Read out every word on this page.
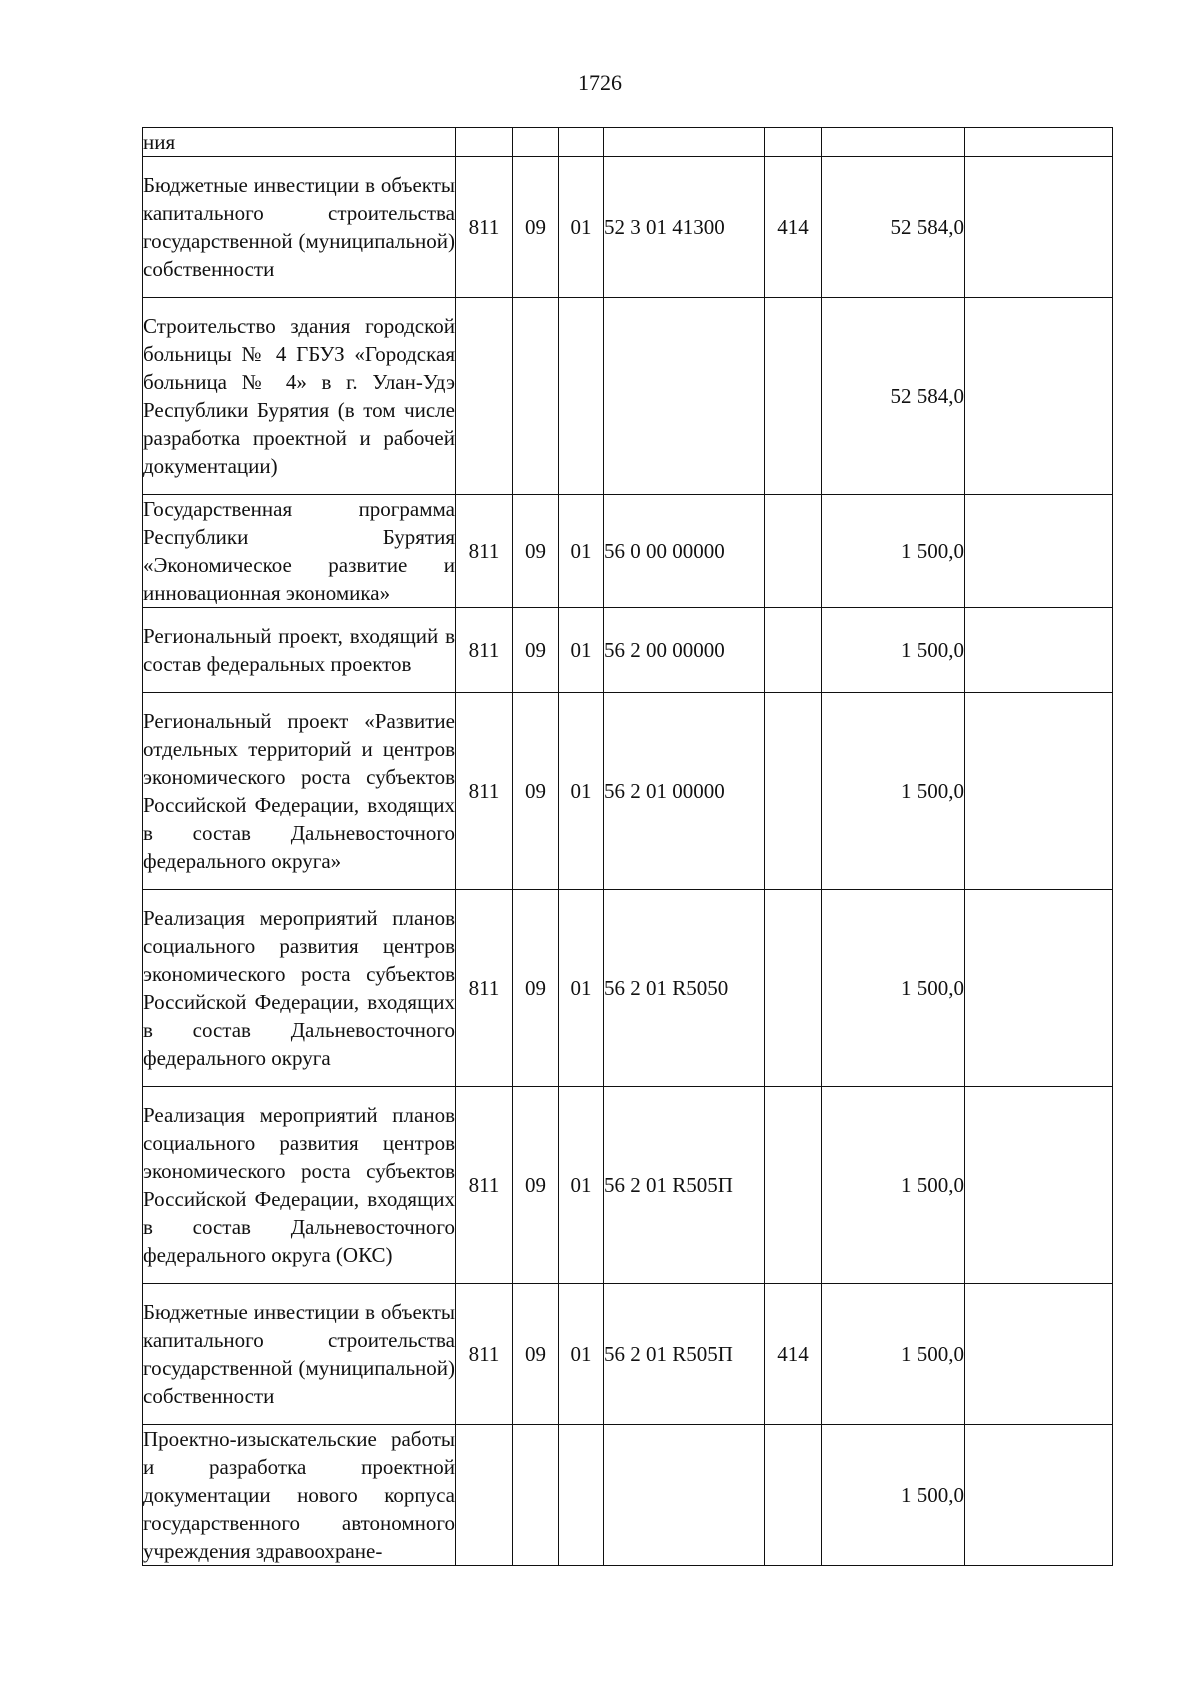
1726
ния							
Бюджетные инвестиции в объекты капитального строительства государственной (муниципальной) собственности	811	09	01	52 3 01 41300	414	52 584,0	
Строительство здания городской больницы № 4 ГБУЗ «Городская больница № 4» в г. Улан-Удэ Республики Бурятия (в том числе разработка проектной и рабочей документации)						52 584,0	
Государственная программа Республики Бурятия «Экономическое развитие и инновационная экономика»	811	09	01	56 0 00 00000		1 500,0	
Региональный проект, входящий в состав федеральных проектов	811	09	01	56 2 00 00000		1 500,0	
Региональный проект «Развитие отдельных территорий и центров экономического роста субъектов Российской Федерации, входящих в состав Дальневосточного федерального округа»	811	09	01	56 2 01 00000		1 500,0	
Реализация мероприятий планов социального развития центров экономического роста субъектов Российской Федерации, входящих в состав Дальневосточного федерального округа	811	09	01	56 2 01 R5050		1 500,0	
Реализация мероприятий планов социального развития центров экономического роста субъектов Российской Федерации, входящих в состав Дальневосточного федерального округа (ОКС)	811	09	01	56 2 01 R505П		1 500,0	
Бюджетные инвестиции в объекты капитального строительства государственной (муниципальной) собственности	811	09	01	56 2 01 R505П	414	1 500,0	
Проектно-изыскательские работы и разработка проектной документации нового корпуса государственного автономного учреждения здравоохране-						1 500,0	
